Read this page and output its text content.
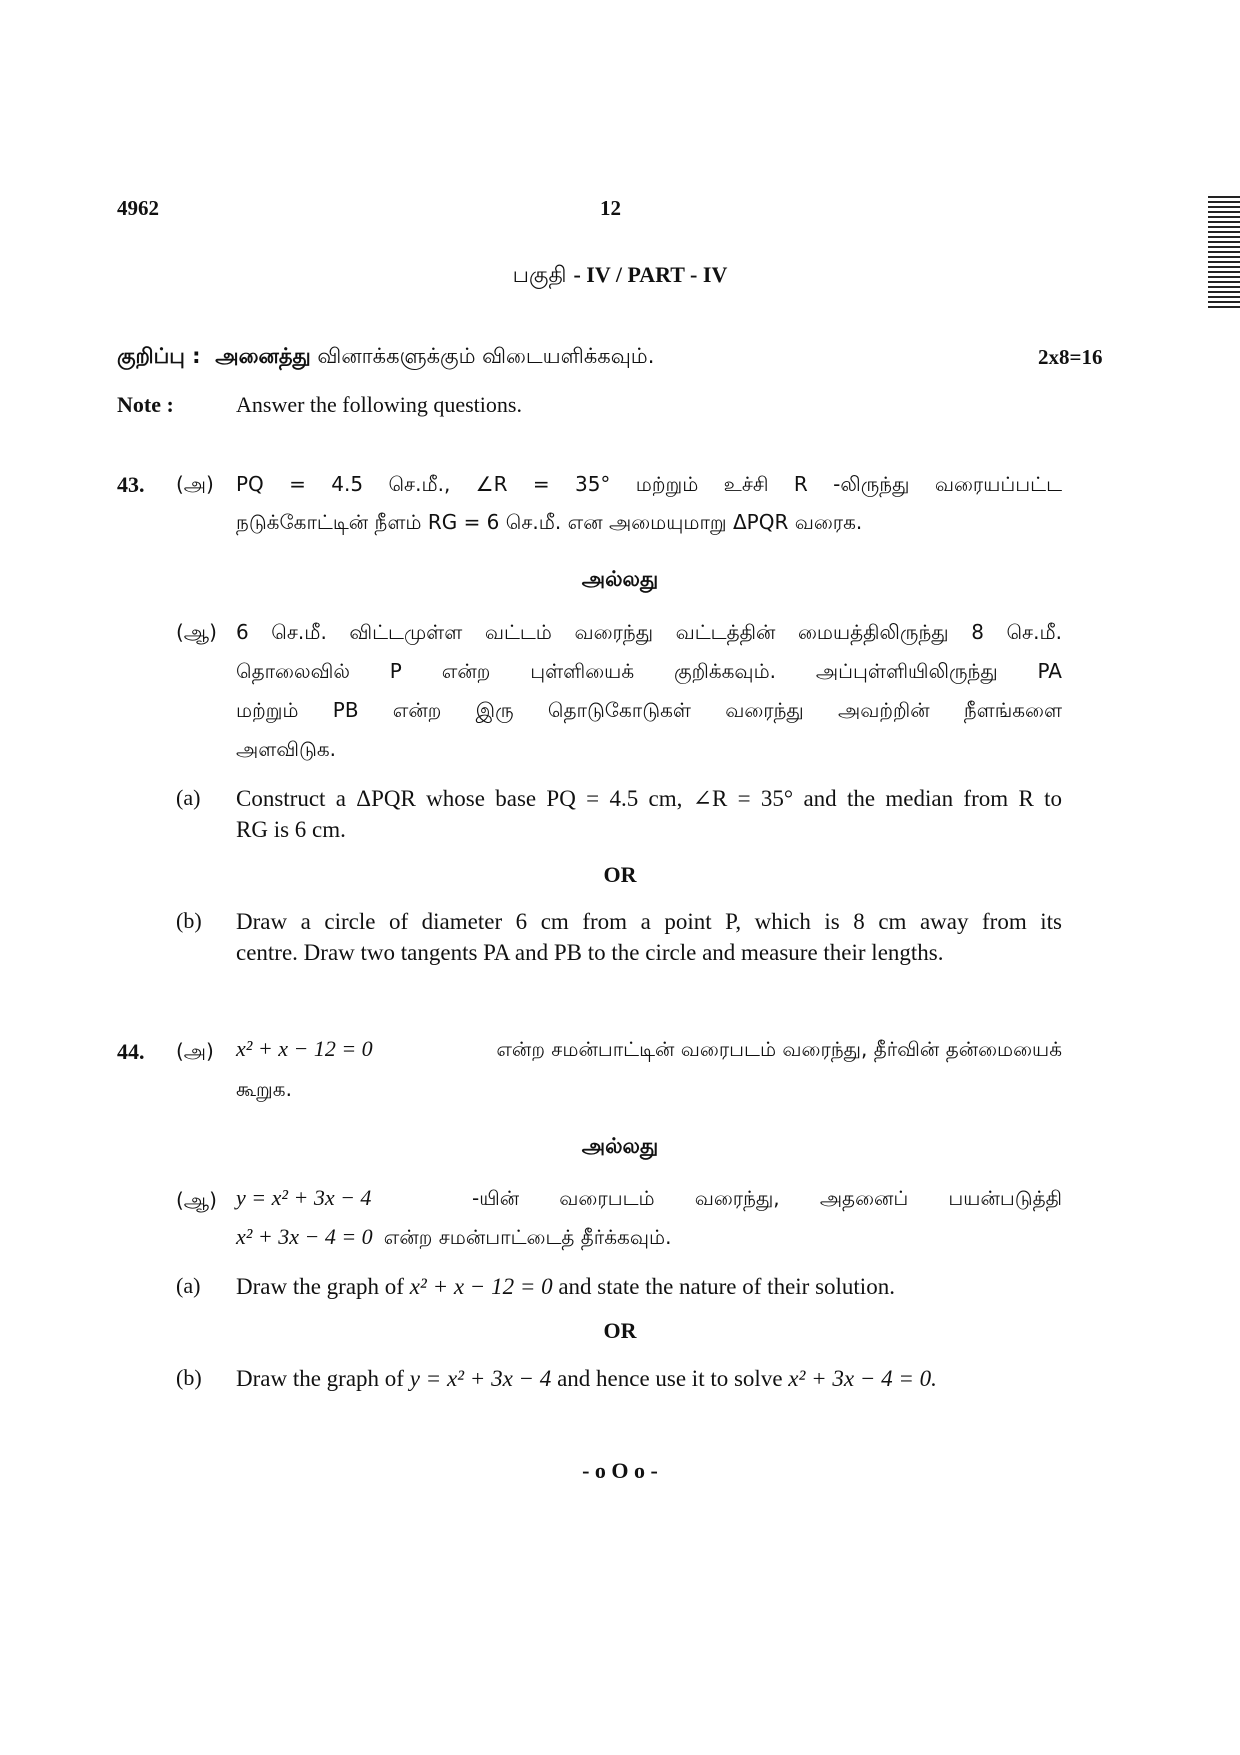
4962	12
பகுதி - IV / PART - IV
குறிப்பு : அனைத்து வினாக்களுக்கும் விடையளிக்கவும்.	2x8=16
Note :	Answer the following questions.
43. (அ) PQ = 4.5 செ.மீ., ∠R = 35° மற்றும் உச்சி R -லிருந்து வரையப்பட்ட
நடுக்கோட்டின் நீளம் RG = 6 செ.மீ. என அமையுமாறு ΔPQR வரைக.
அல்லது
(ஆ) 6 செ.மீ. விட்டமுள்ள வட்டம் வரைந்து வட்டத்தின் மையத்திலிருந்து 8 செ.மீ.
தொலைவில் P என்ற புள்ளியைக் குறிக்கவும். அப்புள்ளியிலிருந்து PA
மற்றும் PB என்ற இரு தொடுகோடுகள் வரைந்து அவற்றின் நீளங்களை
அளவிடுக.
(a) Construct a ΔPQR whose base PQ = 4.5 cm, ∠R = 35° and the median from R to
RG is 6 cm.
OR
(b) Draw a circle of diameter 6 cm from a point P, which is 8 cm away from its
centre. Draw two tangents PA and PB to the circle and measure their lengths.
44. (அ) x² + x − 12 = 0	என்ற சமன்பாட்டின் வரைபடம் வரைந்து, தீர்வின் தன்மையைக்
கூறுக.
அல்லது
(ஆ) y = x² + 3x − 4	-யின் வரைபடம் வரைந்து, அதனைப் பயன்படுத்தி
x² + 3x − 4 = 0 என்ற சமன்பாட்டைத் தீர்க்கவும்.
(a) Draw the graph of x² + x − 12 = 0 and state the nature of their solution.
OR
(b) Draw the graph of y = x² + 3x − 4 and hence use it to solve x² + 3x − 4 = 0.
- o O o -
